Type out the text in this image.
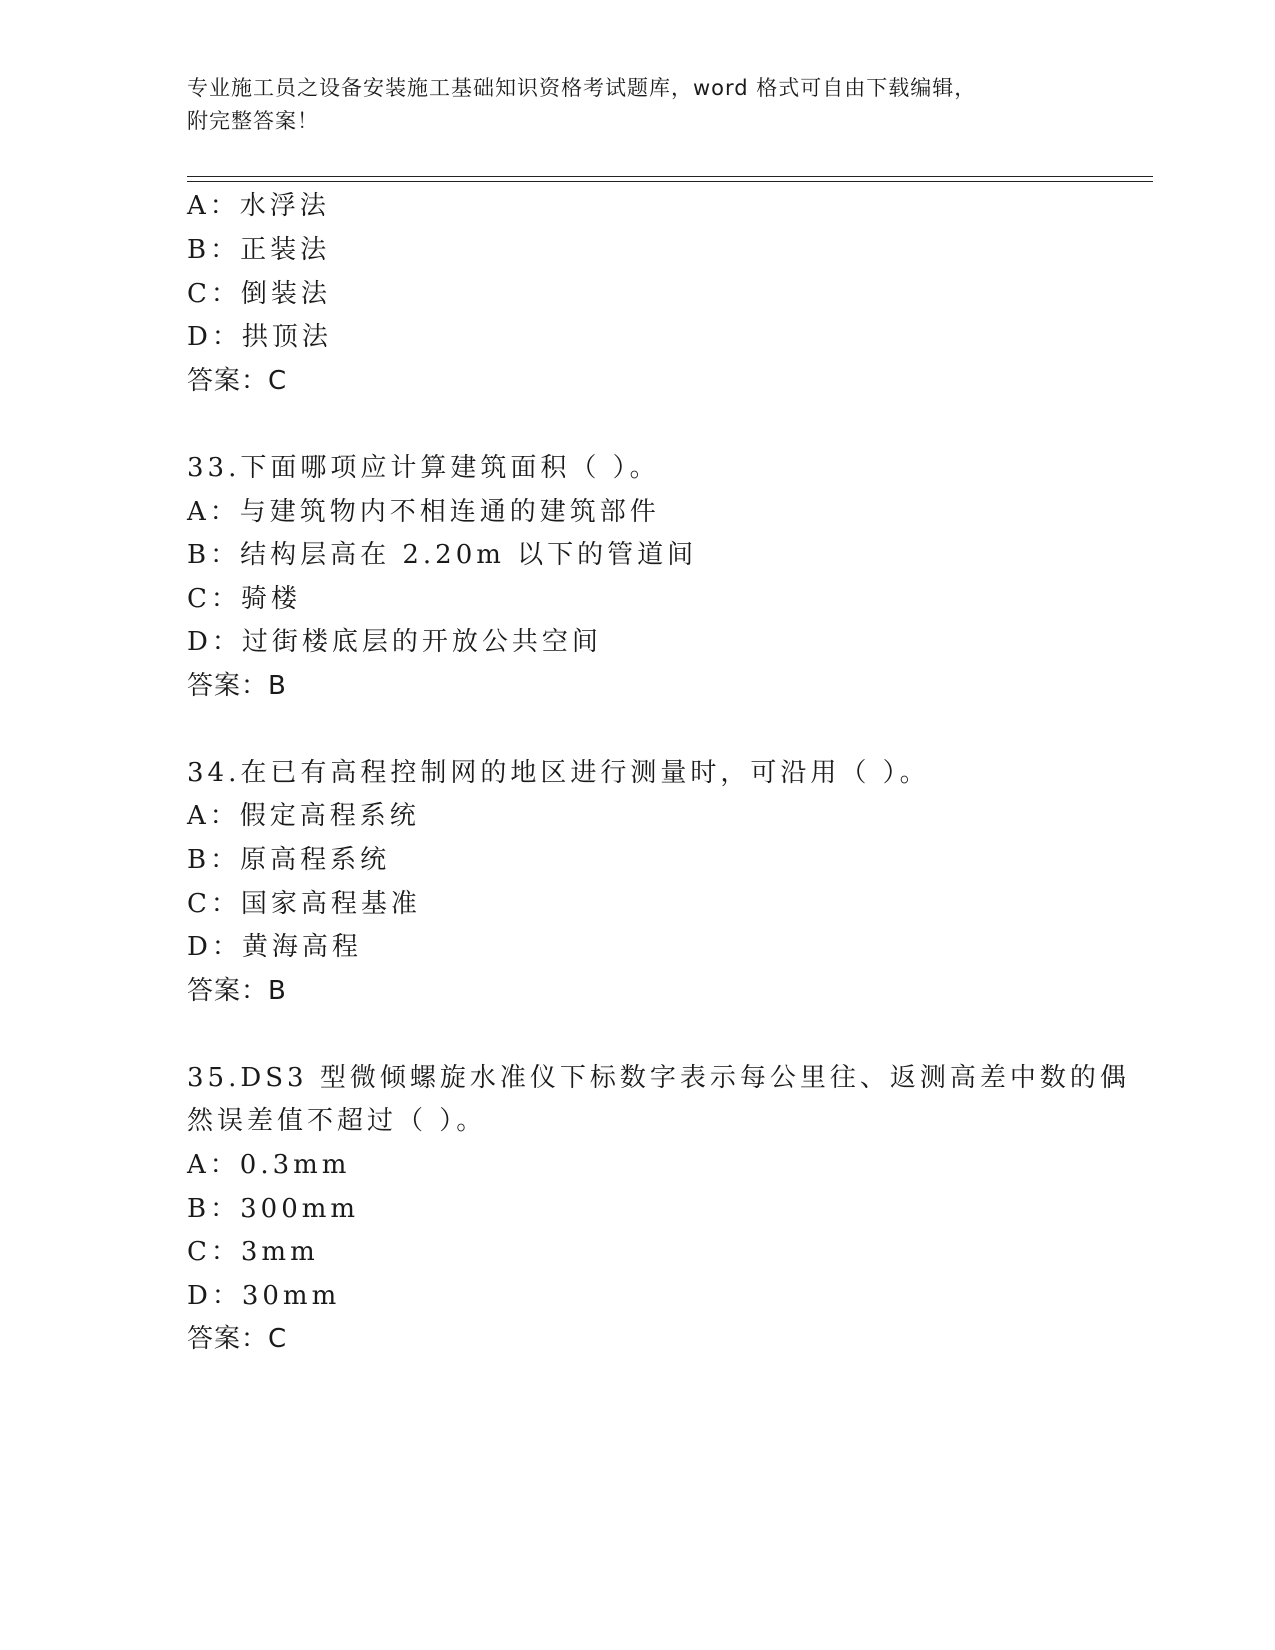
专业施工员之设备安装施工基础知识资格考试题库，word 格式可自由下载编辑，
附完整答案！
A：水浮法
B：正装法
C：倒装法
D：拱顶法
答案：C
33.下面哪项应计算建筑面积（ ）。
A：与建筑物内不相连通的建筑部件
B：结构层高在 2.20m 以下的管道间
C：骑楼
D：过街楼底层的开放公共空间
答案：B
34.在已有高程控制网的地区进行测量时，可沿用（ ）。
A：假定高程系统
B：原高程系统
C：国家高程基准
D：黄海高程
答案：B
35.DS3 型微倾螺旋水准仪下标数字表示每公里往、返测高差中数的偶
然误差值不超过（ ）。
A：0.3mm
B：300mm
C：3mm
D：30mm
答案：C
